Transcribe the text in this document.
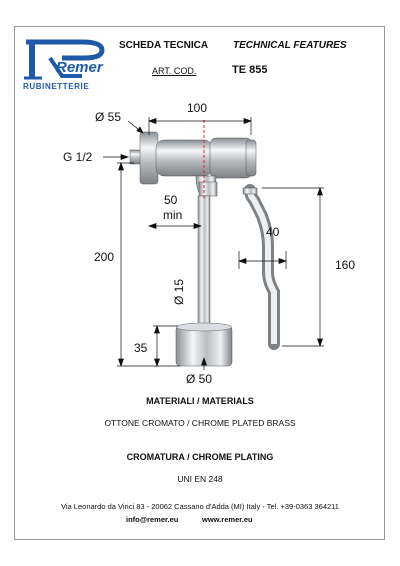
Remer
RUBINETTERIE
SCHEDA TECNICA TECHNICAL FEATURES
ART. COD.	TE 855
Ø 55
100
G 1/2
50
min
200
Ø 15
35
Ø 50
40
160
MATERIALI / MATERIALS
OTTONE CROMATO / CHROME PLATED BRASS
CROMATURA / CHROME PLATING
UNI EN 248
Via Leonardo da Vinci 83 - 20062 Cassano d'Adda (MI) Italy - Tel. +39-0363 364211
info@remer.eu	www.remer.eu
